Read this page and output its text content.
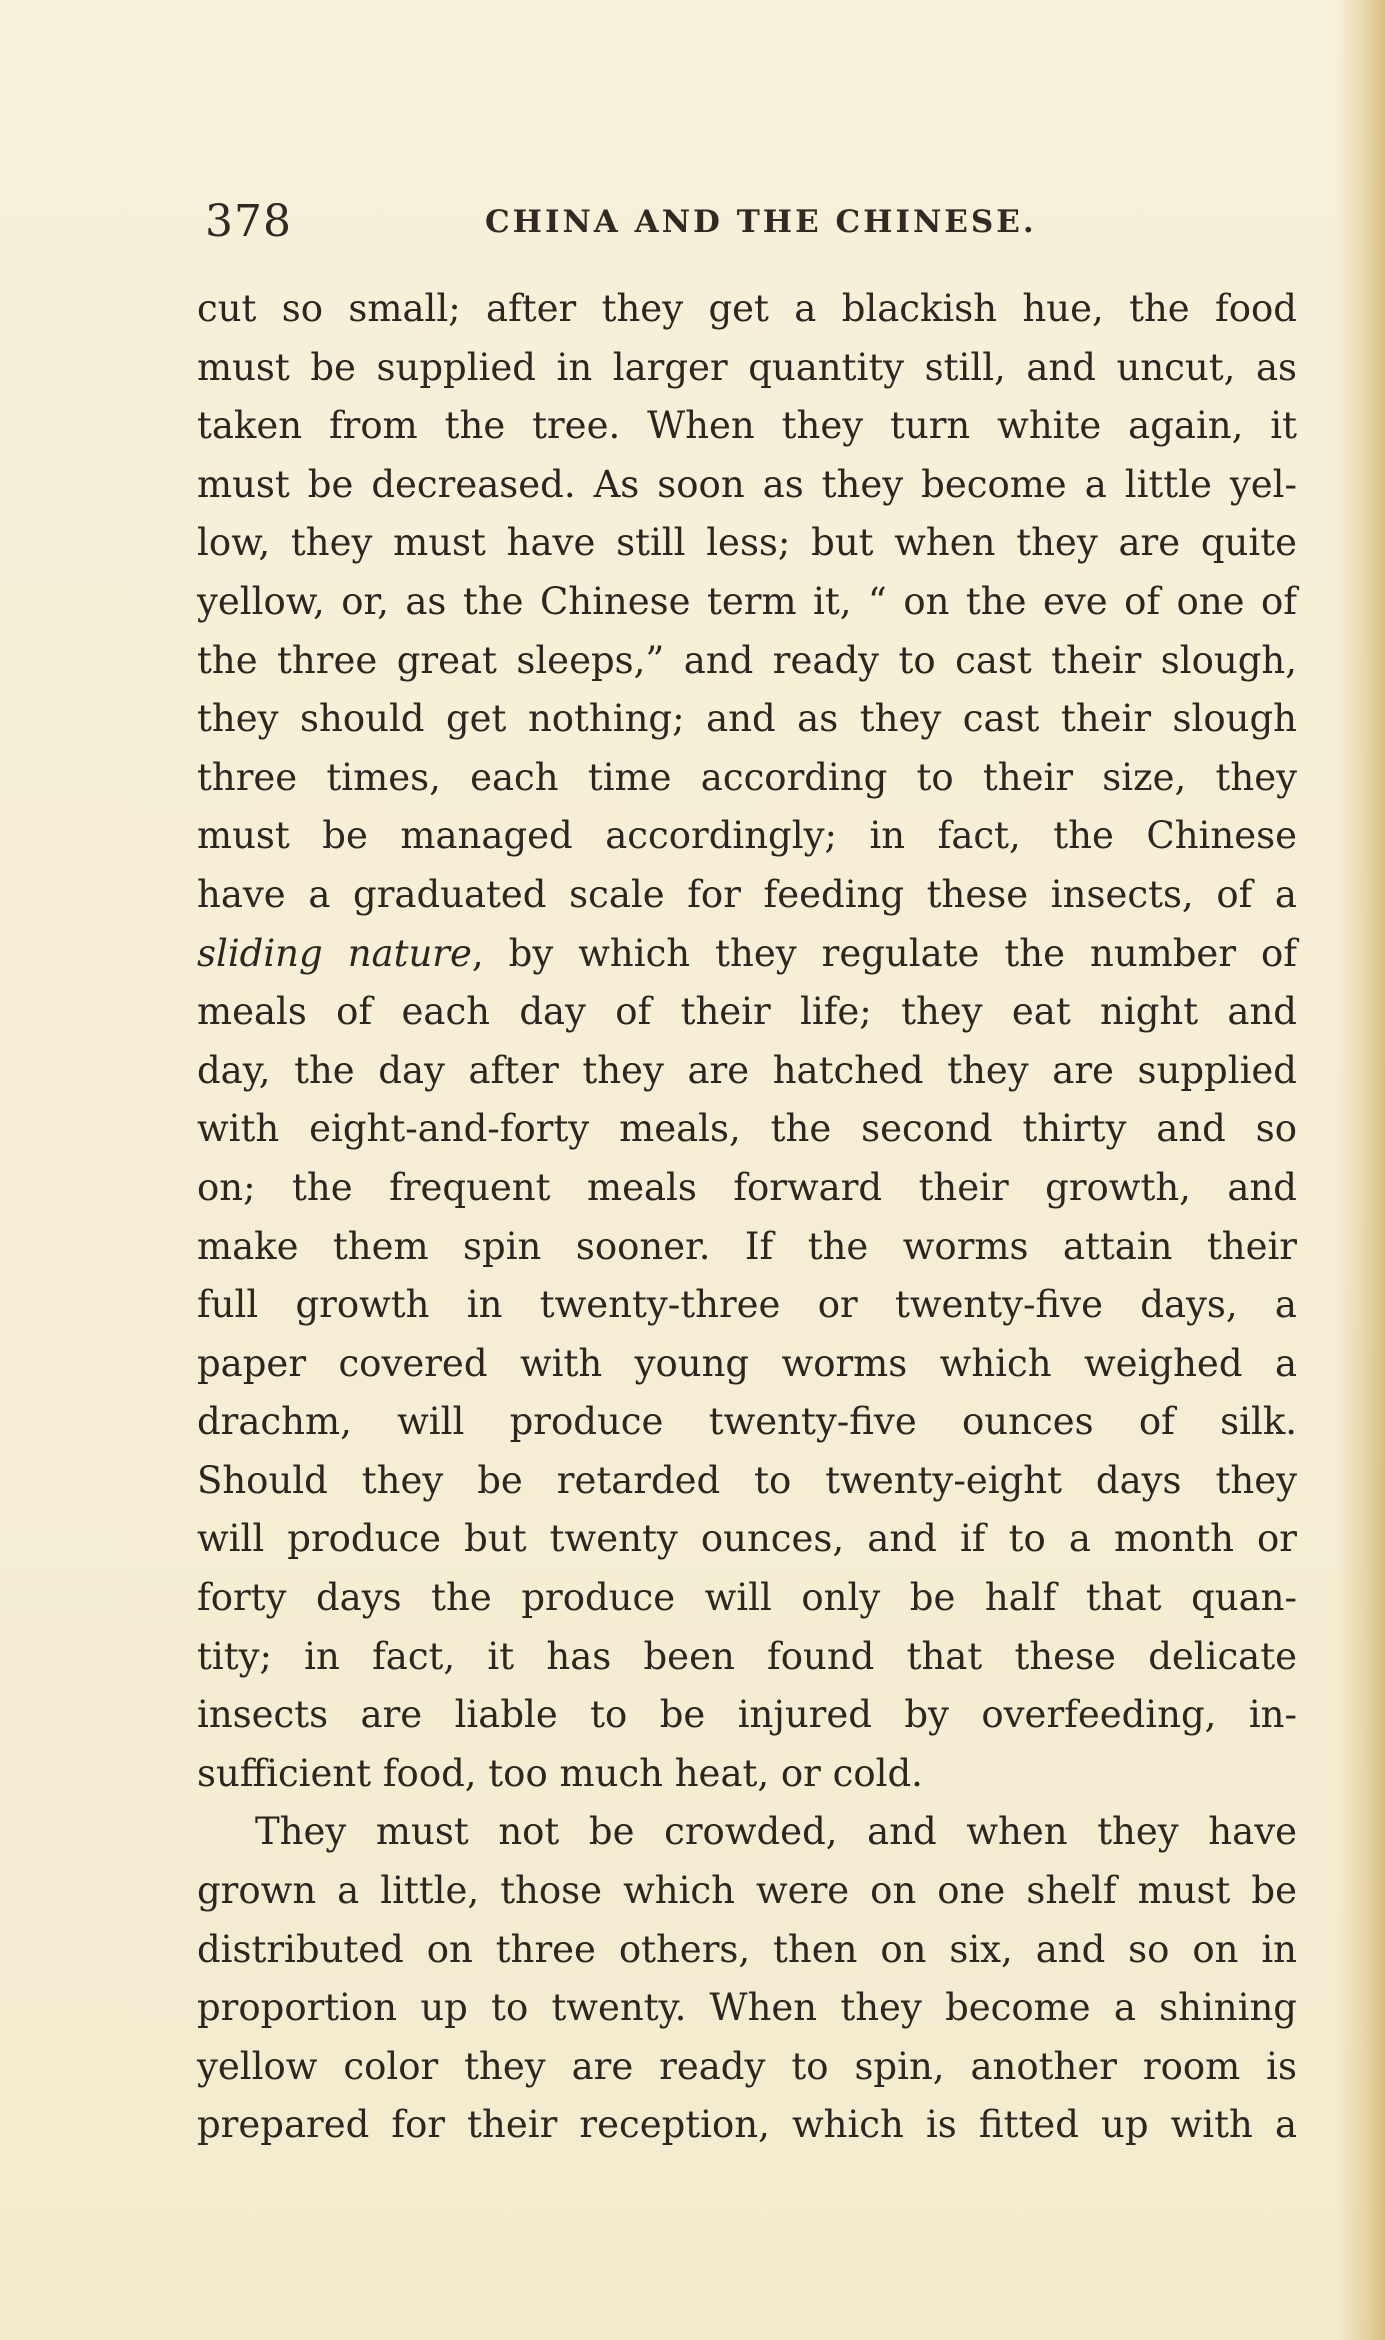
378	CHINA AND THE CHINESE.
cut so small; after they get a blackish hue, the food
must be supplied in larger quantity still, and uncut, as
taken from the tree. When they turn white again, it
must be decreased. As soon as they become a little yel-
low, they must have still less; but when they are quite
yellow, or, as the Chinese term it, “ on the eve of one of
the three great sleeps,” and ready to cast their slough,
they should get nothing; and as they cast their slough
three times, each time according to their size, they
must be managed accordingly; in fact, the Chinese
have a graduated scale for feeding these insects, of a
sliding nature, by which they regulate the number of
meals of each day of their life; they eat night and
day, the day after they are hatched they are supplied
with eight-and-forty meals, the second thirty and so
on; the frequent meals forward their growth, and
make them spin sooner. If the worms attain their
full growth in twenty-three or twenty-five days, a
paper covered with young worms which weighed a
drachm, will produce twenty-five ounces of silk.
Should they be retarded to twenty-eight days they
will produce but twenty ounces, and if to a month or
forty days the produce will only be half that quan-
tity; in fact, it has been found that these delicate
insects are liable to be injured by overfeeding, in-
sufficient food, too much heat, or cold.
They must not be crowded, and when they have
grown a little, those which were on one shelf must be
distributed on three others, then on six, and so on in
proportion up to twenty. When they become a shining
yellow color they are ready to spin, another room is
prepared for their reception, which is fitted up with a
